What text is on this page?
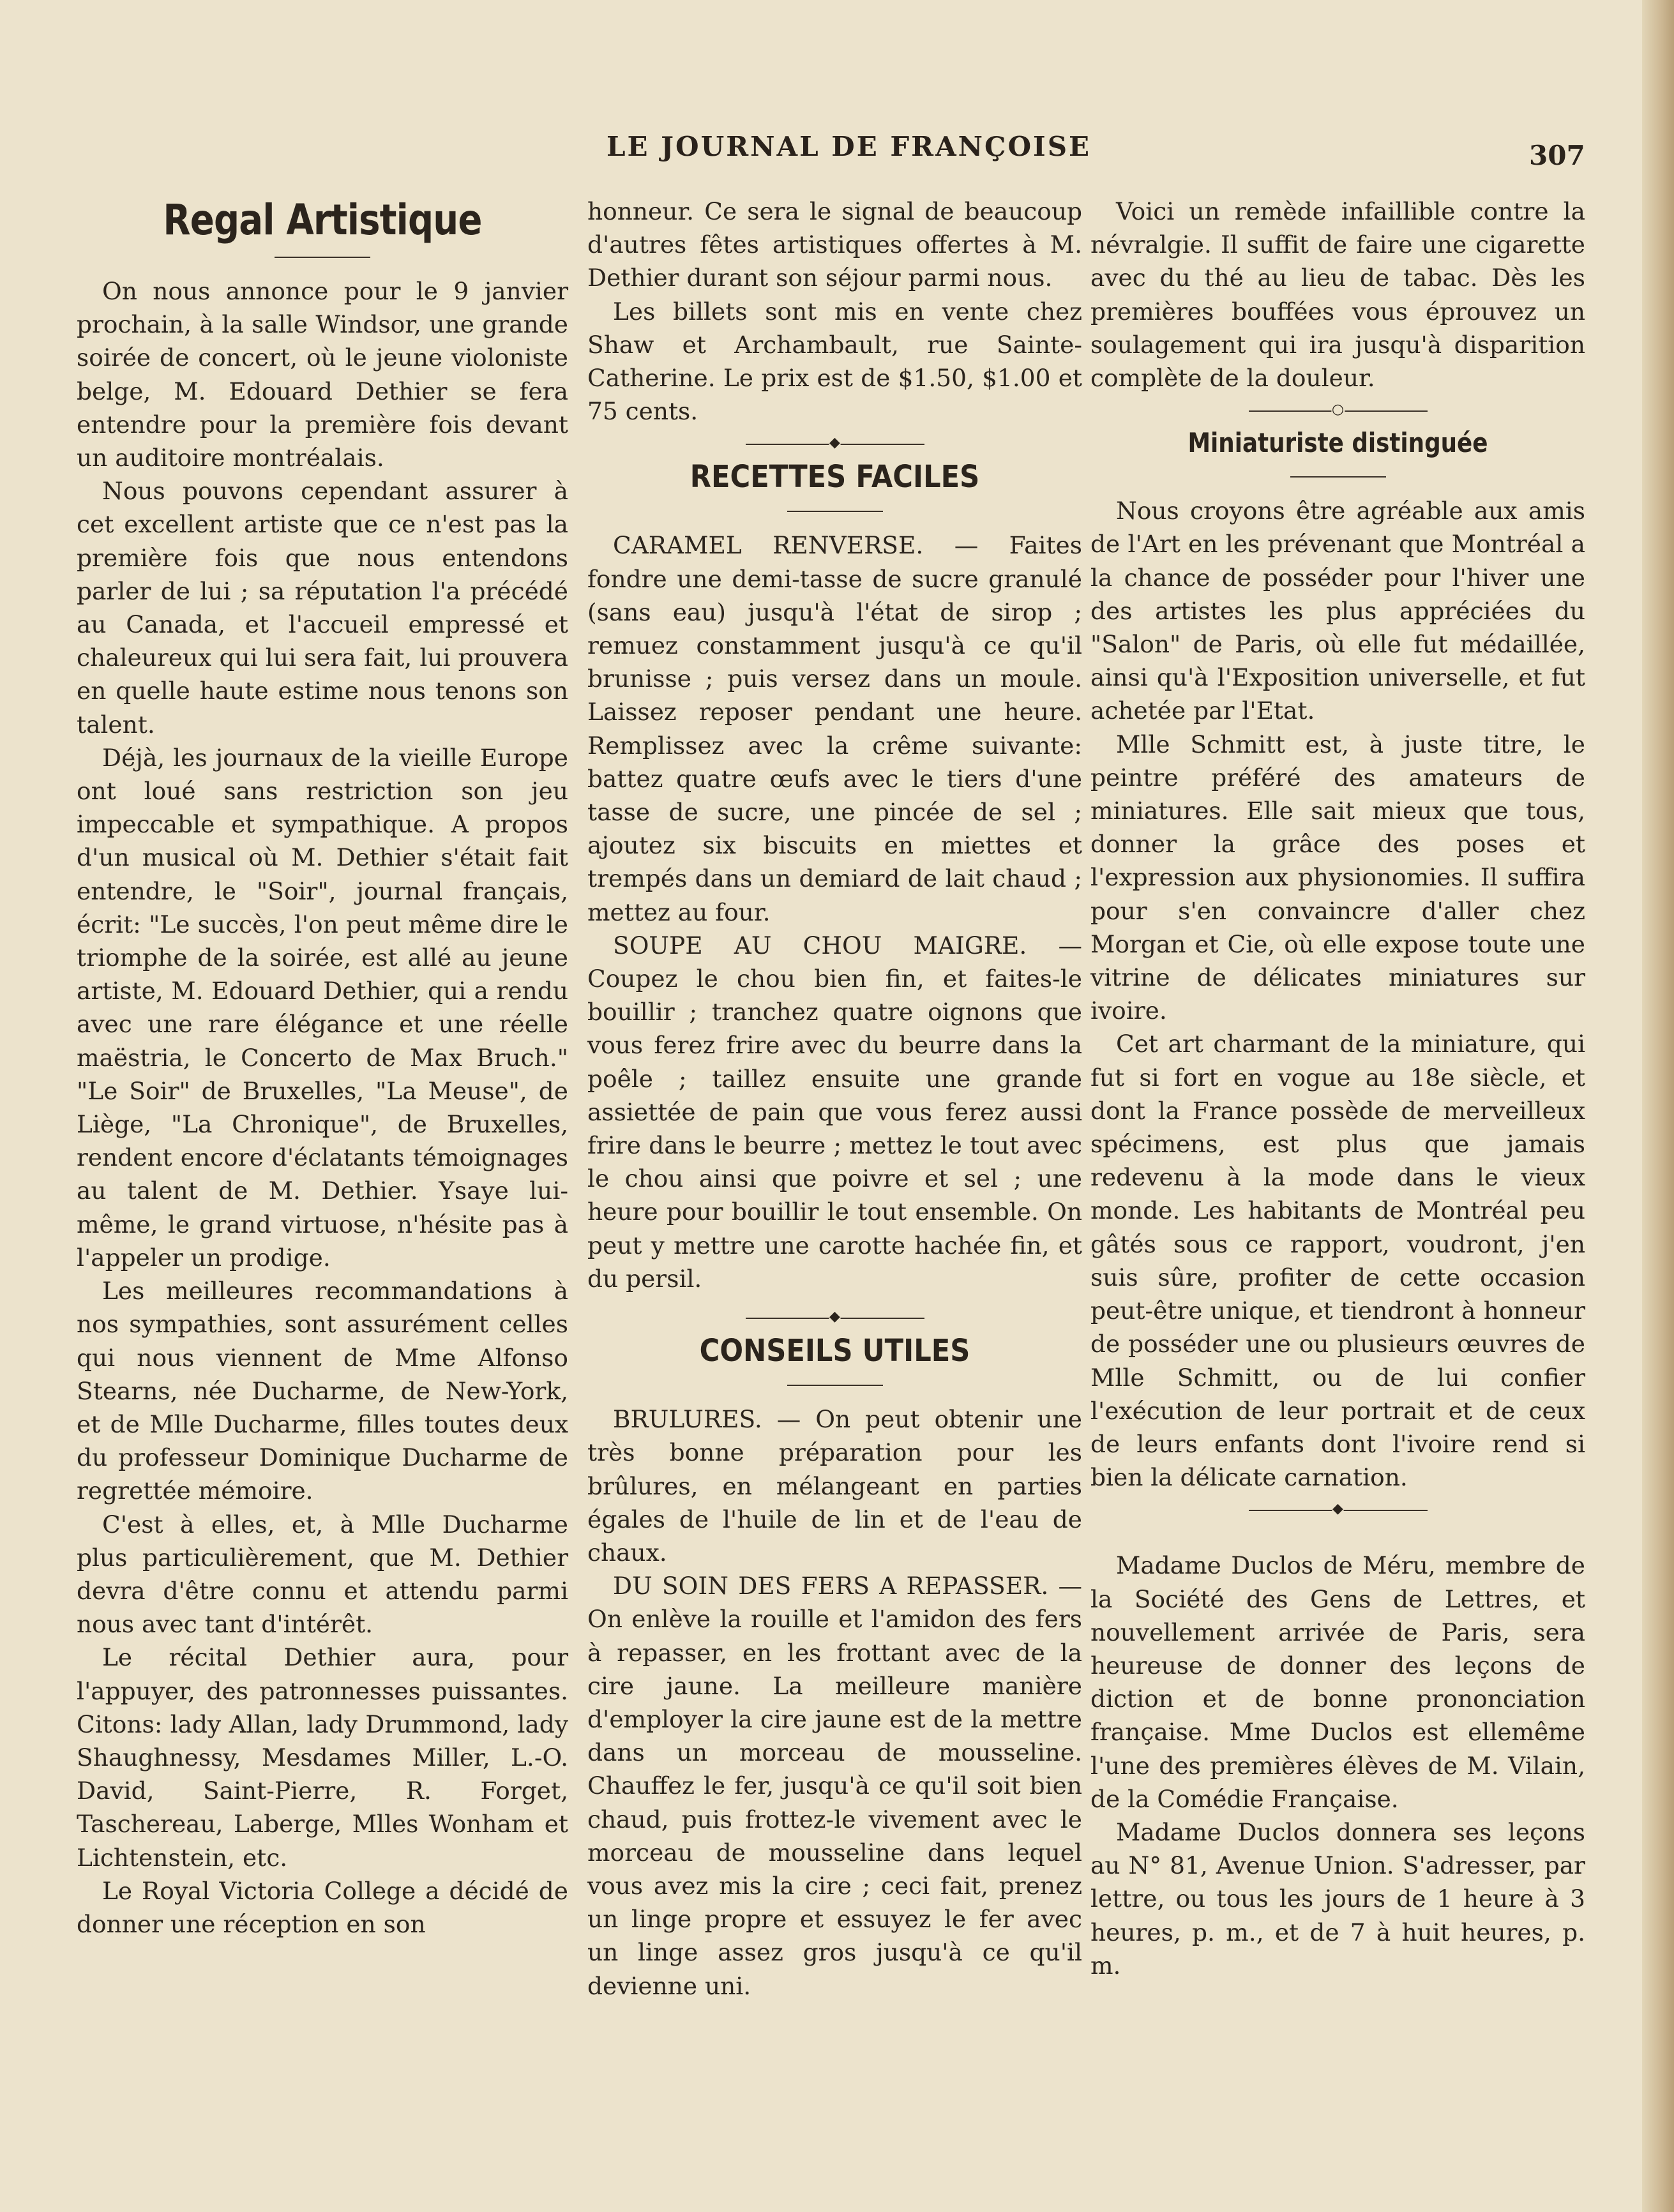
LE JOURNAL DE FRANÇOISE	307
Regal Artistique

On nous annonce pour le 9 janvier prochain, à la salle Windsor, une grande soirée de concert, où le jeune violoniste belge, M. Edouard Dethier se fera entendre pour la première fois devant un auditoire montréalais.

Nous pouvons cependant assurer à cet excellent artiste que ce n'est pas la première fois que nous entendons parler de lui ; sa réputation l'a précédé au Canada, et l'accueil empressé et chaleureux qui lui sera fait, lui prouvera en quelle haute estime nous tenons son talent.

Déjà, les journaux de la vieille Europe ont loué sans restriction son jeu impeccable et sympathique. A propos d'un musical où M. Dethier s'était fait entendre, le "Soir", journal français, écrit: "Le succès, l'on peut même dire le triomphe de la soirée, est allé au jeune artiste, M. Edouard Dethier, qui a rendu avec une rare élégance et une réelle maëstria, le Concerto de Max Bruch." "Le Soir" de Bruxelles, "La Meuse", de Liège, "La Chronique", de Bruxelles, rendent encore d'éclatants témoignages au talent de M. Dethier. Ysaye lui-même, le grand virtuose, n'hésite pas à l'appeler un prodige.

Les meilleures recommandations à nos sympathies, sont assurément celles qui nous viennent de Mme Alfonso Stearns, née Ducharme, de New-York, et de Mlle Ducharme, filles toutes deux du professeur Dominique Ducharme de regrettée mémoire.

C'est à elles, et, à Mlle Ducharme plus particulièrement, que M. Dethier devra d'être connu et attendu parmi nous avec tant d'intérêt.

Le récital Dethier aura, pour l'appuyer, des patronnesses puissantes. Citons: lady Allan, lady Drummond, lady Shaughnessy, Mesdames Miller, L.-O. David, Saint-Pierre, R. Forget, Taschereau, Laberge, Mlles Wonham et Lichtenstein, etc.

Le Royal Victoria College a décidé de donner une réception en son

honneur. Ce sera le signal de beaucoup d'autres fêtes artistiques offertes à M. Dethier durant son séjour parmi nous.

Les billets sont mis en vente chez Shaw et Archambault, rue Sainte-Catherine. Le prix est de $1.50, $1.00 et 75 cents.

◆
RECETTES FACILES

CARAMEL RENVERSE. — Faites fondre une demi-tasse de sucre granulé (sans eau) jusqu'à l'état de sirop ; remuez constamment jusqu'à ce qu'il brunisse ; puis versez dans un moule. Laissez reposer pendant une heure. Remplissez avec la crême suivante: battez quatre œufs avec le tiers d'une tasse de sucre, une pincée de sel ; ajoutez six biscuits en miettes et trempés dans un demiard de lait chaud ; mettez au four.

SOUPE AU CHOU MAIGRE. — Coupez le chou bien fin, et faites-le bouillir ; tranchez quatre oignons que vous ferez frire avec du beurre dans la poêle ; taillez ensuite une grande assiettée de pain que vous ferez aussi frire dans le beurre ; mettez le tout avec le chou ainsi que poivre et sel ; une heure pour bouillir le tout ensemble. On peut y mettre une carotte hachée fin, et du persil.

◆
CONSEILS UTILES

BRULURES. — On peut obtenir une très bonne préparation pour les brûlures, en mélangeant en parties égales de l'huile de lin et de l'eau de chaux.

DU SOIN DES FERS A REPASSER. — On enlève la rouille et l'amidon des fers à repasser, en les frottant avec de la cire jaune. La meilleure manière d'employer la cire jaune est de la mettre dans un morceau de mousseline. Chauffez le fer, jusqu'à ce qu'il soit bien chaud, puis frottez-le vivement avec le morceau de mousseline dans lequel vous avez mis la cire ; ceci fait, prenez un linge propre et essuyez le fer avec un linge assez gros jusqu'à ce qu'il devienne uni.

Voici un remède infaillible contre la névralgie. Il suffit de faire une cigarette avec du thé au lieu de tabac. Dès les premières bouffées vous éprouvez un soulagement qui ira jusqu'à disparition complète de la douleur.

○
Miniaturiste distinguée

Nous croyons être agréable aux amis de l'Art en les prévenant que Montréal a la chance de posséder pour l'hiver une des artistes les plus appréciées du "Salon" de Paris, où elle fut médaillée, ainsi qu'à l'Exposition universelle, et fut achetée par l'Etat.

Mlle Schmitt est, à juste titre, le peintre préféré des amateurs de miniatures. Elle sait mieux que tous, donner la grâce des poses et l'expression aux physionomies. Il suffira pour s'en convaincre d'aller chez Morgan et Cie, où elle expose toute une vitrine de délicates miniatures sur ivoire.

Cet art charmant de la miniature, qui fut si fort en vogue au 18e siècle, et dont la France possède de merveilleux spécimens, est plus que jamais redevenu à la mode dans le vieux monde. Les habitants de Montréal peu gâtés sous ce rapport, voudront, j'en suis sûre, profiter de cette occasion peut-être unique, et tiendront à honneur de posséder une ou plusieurs œuvres de Mlle Schmitt, ou de lui confier l'exécution de leur portrait et de ceux de leurs enfants dont l'ivoire rend si bien la délicate carnation.

◆

Madame Duclos de Méru, membre de la Société des Gens de Lettres, et nouvellement arrivée de Paris, sera heureuse de donner des leçons de diction et de bonne prononciation française. Mme Duclos est ellemême l'une des premières élèves de M. Vilain, de la Comédie Française.

Madame Duclos donnera ses leçons au N° 81, Avenue Union. S'adresser, par lettre, ou tous les jours de 1 heure à 3 heures, p. m., et de 7 à huit heures, p. m.
